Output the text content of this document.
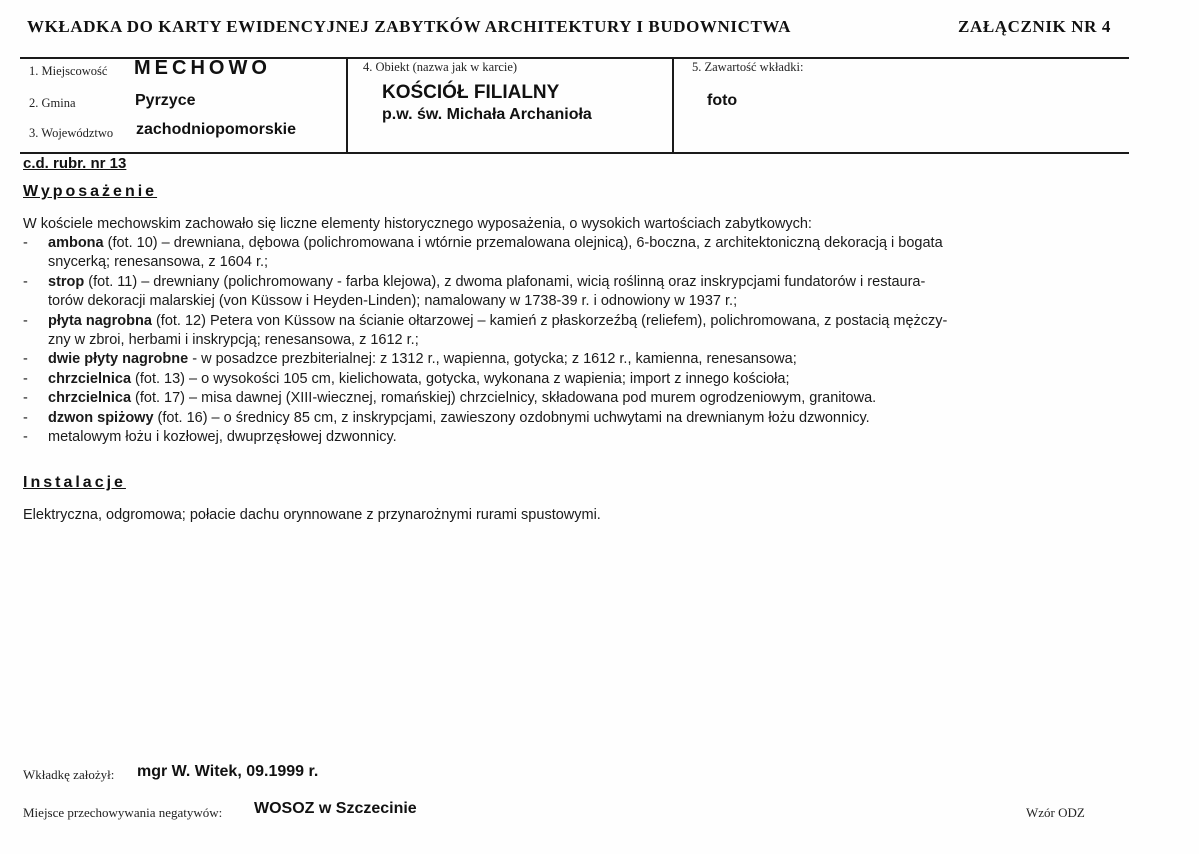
WKŁADKA DO KARTY EWIDENCYJNEJ ZABYTKÓW ARCHITEKTURY I BUDOWNICTWA	ZAŁĄCZNIK NR 4
1. Miejscowość MECHOWO
2. Gmina	Pyrzyce
3. Województwo zachodniopomorskie
4. Obiekt (nazwa jak w karcie)
KOŚCIÓŁ FILIALNY
p.w. św. Michała Archanioła
5. Zawartość wkładki:
foto
c.d. rubr. nr 13
Wyposażenie
W kościele mechowskim zachowało się liczne elementy historycznego wyposażenia, o wysokich wartościach zabytkowych:
- ambona (fot. 10) – drewniana, dębowa (polichromowana i wtórnie przemalowana olejnicą), 6-boczna, z architektoniczną dekoracją i bogata
snycerką; renesansowa, z 1604 r.;
- strop (fot. 11) – drewniany (polichromowany - farba klejowa), z dwoma plafonami, wicią roślinną oraz inskrypcjami fundatorów i restaura-
torów dekoracji malarskiej (von Küssow i Heyden-Linden); namalowany w 1738-39 r. i odnowiony w 1937 r.;
- płyta nagrobna (fot. 12) Petera von Küssow na ścianie ołtarzowej – kamień z płaskorzeźbą (reliefem), polichromowana, z postacią mężczy-
zny w zbroi, herbami i inskrypcją; renesansowa, z 1612 r.;
- dwie płyty nagrobne - w posadzce prezbiterialnej: z 1312 r., wapienna, gotycka; z 1612 r., kamienna, renesansowa;
- chrzcielnica (fot. 13) – o wysokości 105 cm, kielichowata, gotycka, wykonana z wapienia; import z innego kościoła;
- chrzcielnica (fot. 17) – misa dawnej (XIII-wiecznej, romańskiej) chrzcielnicy, składowana pod murem ogrodzeniowym, granitowa.
- dzwon spiżowy (fot. 16) – o średnicy 85 cm, z inskrypcjami, zawieszony ozdobnymi uchwytami na drewnianym łożu dzwonnicy.
- metalowym łożu i kozłowej, dwuprzęsłowej dzwonnicy.
Instalacje
Elektryczna, odgromowa; połacie dachu orynnowane z przynarożnymi rurami spustowymi.
Wkładkę założył: mgr W. Witek, 09.1999 r.
Miejsce przechowywania negatywów: WOSOZ w Szczecinie	Wzór ODZ
